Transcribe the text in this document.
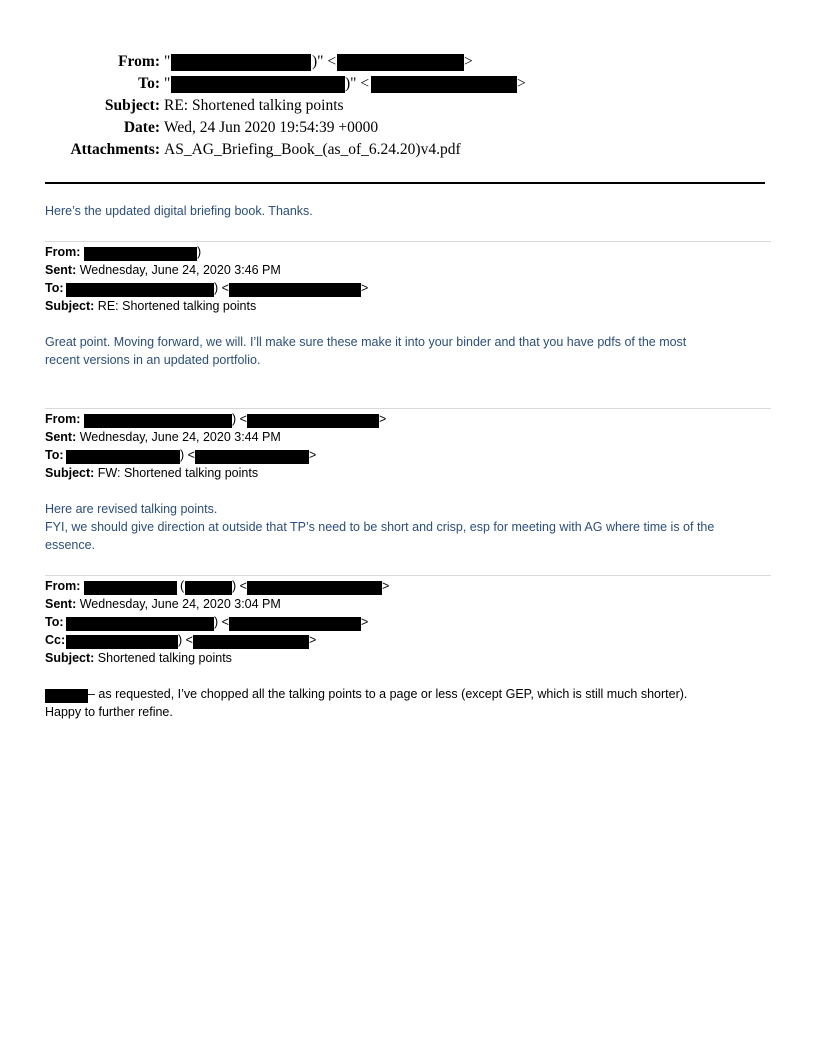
From: "	)" <	>
To: "	)" <	>
Subject: RE: Shortened talking points
Date: Wed, 24 Jun 2020 19:54:39 +0000
Attachments: AS_AG_Briefing_Book_(as_of_6.24.20)v4.pdf
Here’s the updated digital briefing book. Thanks.
From:	)
Sent: Wednesday, June 24, 2020 3:46 PM
To:	) <	>
Subject: RE: Shortened talking points
Great point. Moving forward, we will. I’ll make sure these make it into your binder and that you have pdfs of the most
recent versions in an updated portfolio.
From:	) <	>
Sent: Wednesday, June 24, 2020 3:44 PM
To:	) <	>
Subject: FW: Shortened talking points
Here are revised talking points.
FYI, we should give direction at outside that TP’s need to be short and crisp, esp for meeting with AG where time is of the
essence.
From:	(	) <	>
Sent: Wednesday, June 24, 2020 3:04 PM
To:	) <	>
Cc:	) <	>
Subject: Shortened talking points
– as requested, I’ve chopped all the talking points to a page or less (except GEP, which is still much shorter).
Happy to further refine.
